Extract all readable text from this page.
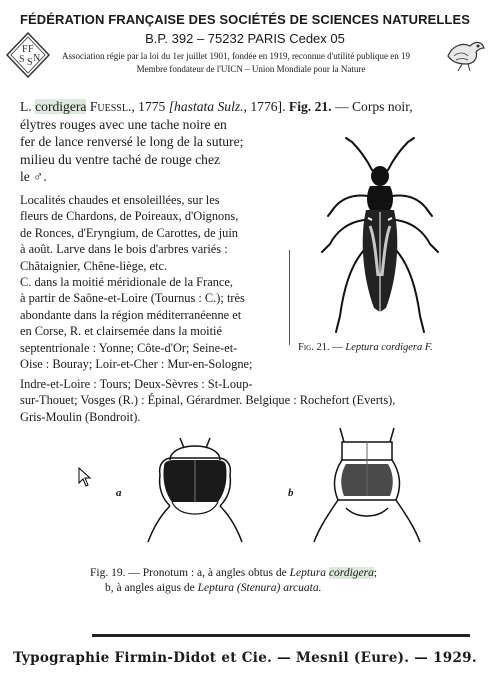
FÉDÉRATION FRANÇAISE DES SOCIÉTÉS DE SCIENCES NATURELLES
B.P. 392 – 75232 PARIS Cedex 05
Association régie par la loi du 1er juillet 1901, fondée en 1919, reconnue d'utilité publique en 19
Membre fondateur de l'UICN – Union Mondiale pour la Nature
F F
S S N
L. cordigera Fuessl., 1775 [hastata Sulz., 1776]. Fig. 21. — Corps noir,
élytres rouges avec une tache noire en
fer de lance renversé le long de la suture;
milieu du ventre taché de rouge chez
le ♂.
Localités chaudes et ensoleillées, sur les
fleurs de Chardons, de Poireaux, d'Oignons,
de Ronces, d'Eryngium, de Carottes, de juin
à août. Larve dans le bois d'arbres variés :
Châtaignier, Chêne-liège, etc.
C. dans la moitié méridionale de la France,
à partir de Saône-et-Loire (Tournus : C.); très
abondante dans la région méditerranéenne et
en Corse, R. et clairsemée dans la moitié
septentrionale : Yonne; Côte-d'Or; Seine-et-
Oise : Bouray; Loir-et-Cher : Mur-en-Sologne;
Indre-et-Loire : Tours; Deux-Sèvres : St-Loup-
sur-Thouet; Vosges (R.) : Épinal, Gérardmer. Belgique : Rochefort (Everts),
Gris-Moulin (Bondroit).
Fig. 21. — Leptura cordigera F.
a	b
Fig. 19. — Pronotum : a, à angles obtus de Leptura cordigera;
b, à angles aigus de Leptura (Stenura) arcuata.
Typographie Firmin-Didot et Cie. — Mesnil (Eure). — 1929.
